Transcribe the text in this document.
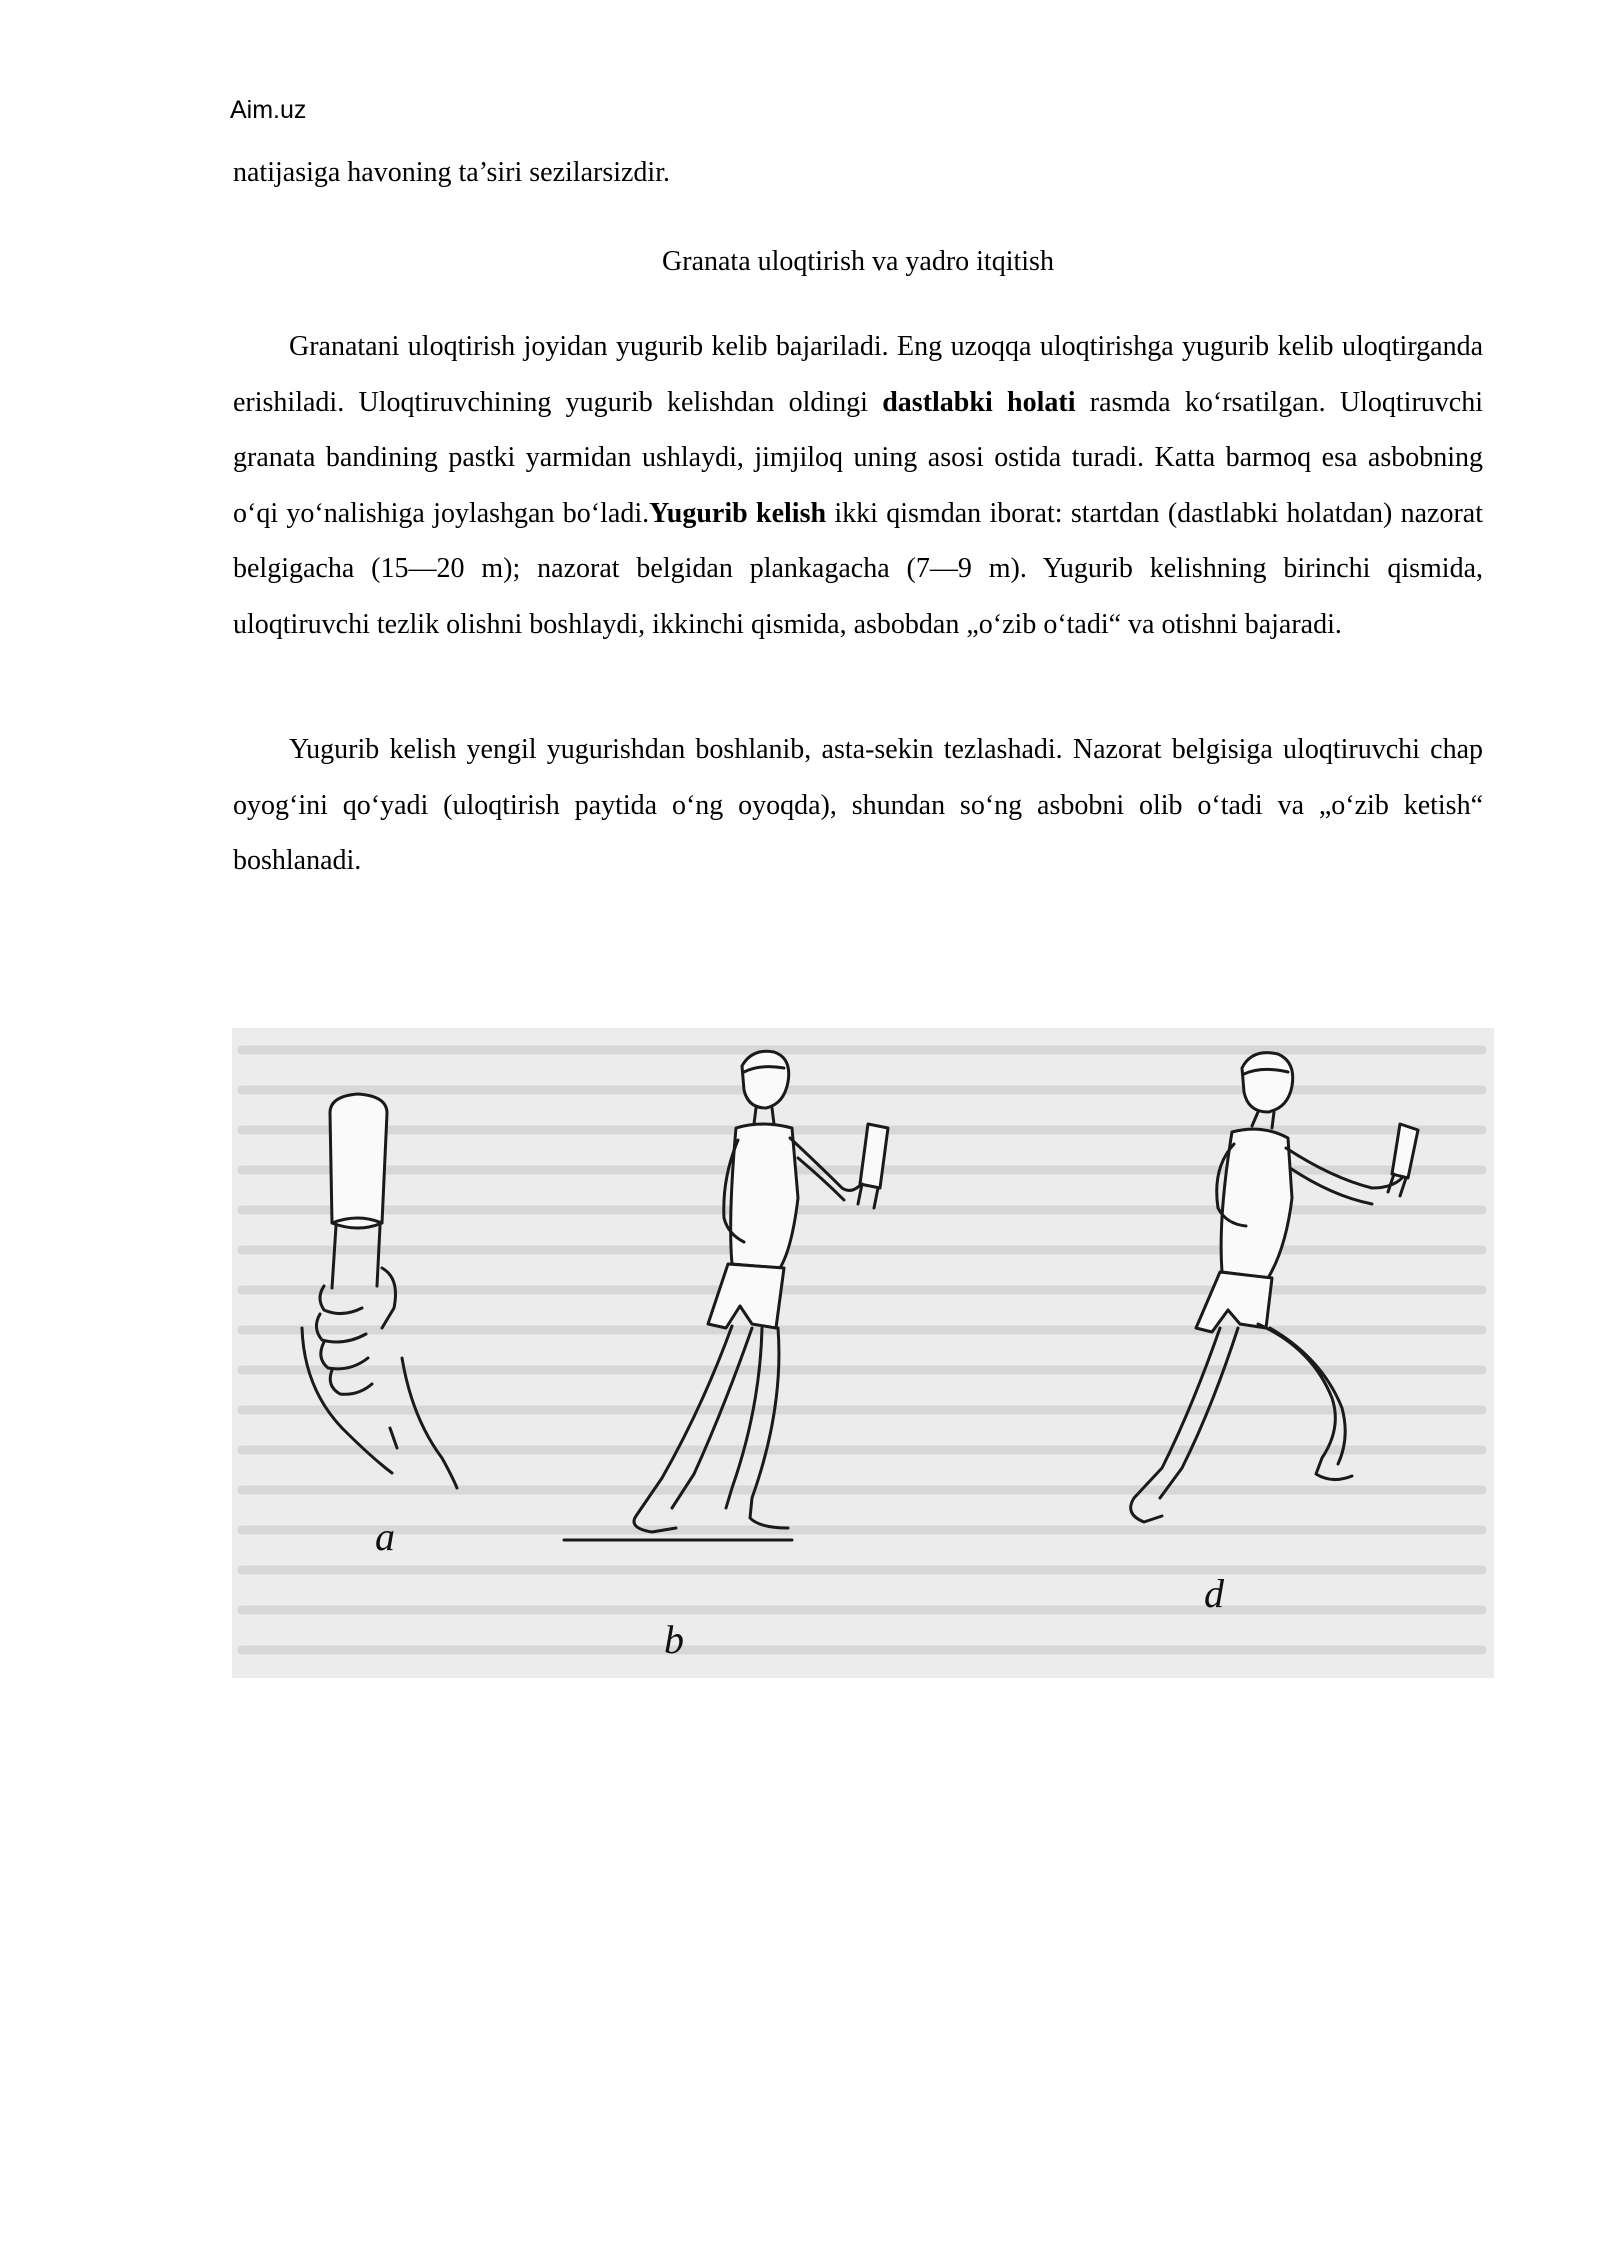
Aim.uz
natijasiga havoning ta’siri sezilarsizdir.
Granata uloqtirish va yadro itqitish

Granatani uloqtirish joyidan yugurib kelib bajariladi. Eng uzoqqa uloqtirishga yugurib kelib uloqtirganda erishiladi. Uloqtiruvchining yugurib kelishdan oldingi dastlabki holati rasmda ko‘rsatilgan. Uloqtiruvchi granata bandining pastki yarmidan ushlaydi, jimjiloq uning asosi ostida turadi. Katta barmoq esa asbobning o‘qi yo‘nalishiga joylashgan bo‘ladi.Yugurib kelish ikki qismdan iborat: startdan (dastlabki holatdan) nazorat belgigacha (15—20 m); nazorat belgidan plankagacha (7—9 m). Yugurib kelishning birinchi qismida, uloqtiruvchi tezlik olishni boshlaydi, ikkinchi qismida, asbobdan „o‘zib o‘tadi“ va otishni bajaradi.

Yugurib kelish yengil yugurishdan boshlanib, asta-sekin tezlashadi. Nazorat belgisiga uloqtiruvchi chap oyog‘ini qo‘yadi (uloqtirish paytida o‘ng oyoqda), shundan so‘ng asbobni olib o‘tadi va „o‘zib ketish“ boshlanadi.

a
b
d
